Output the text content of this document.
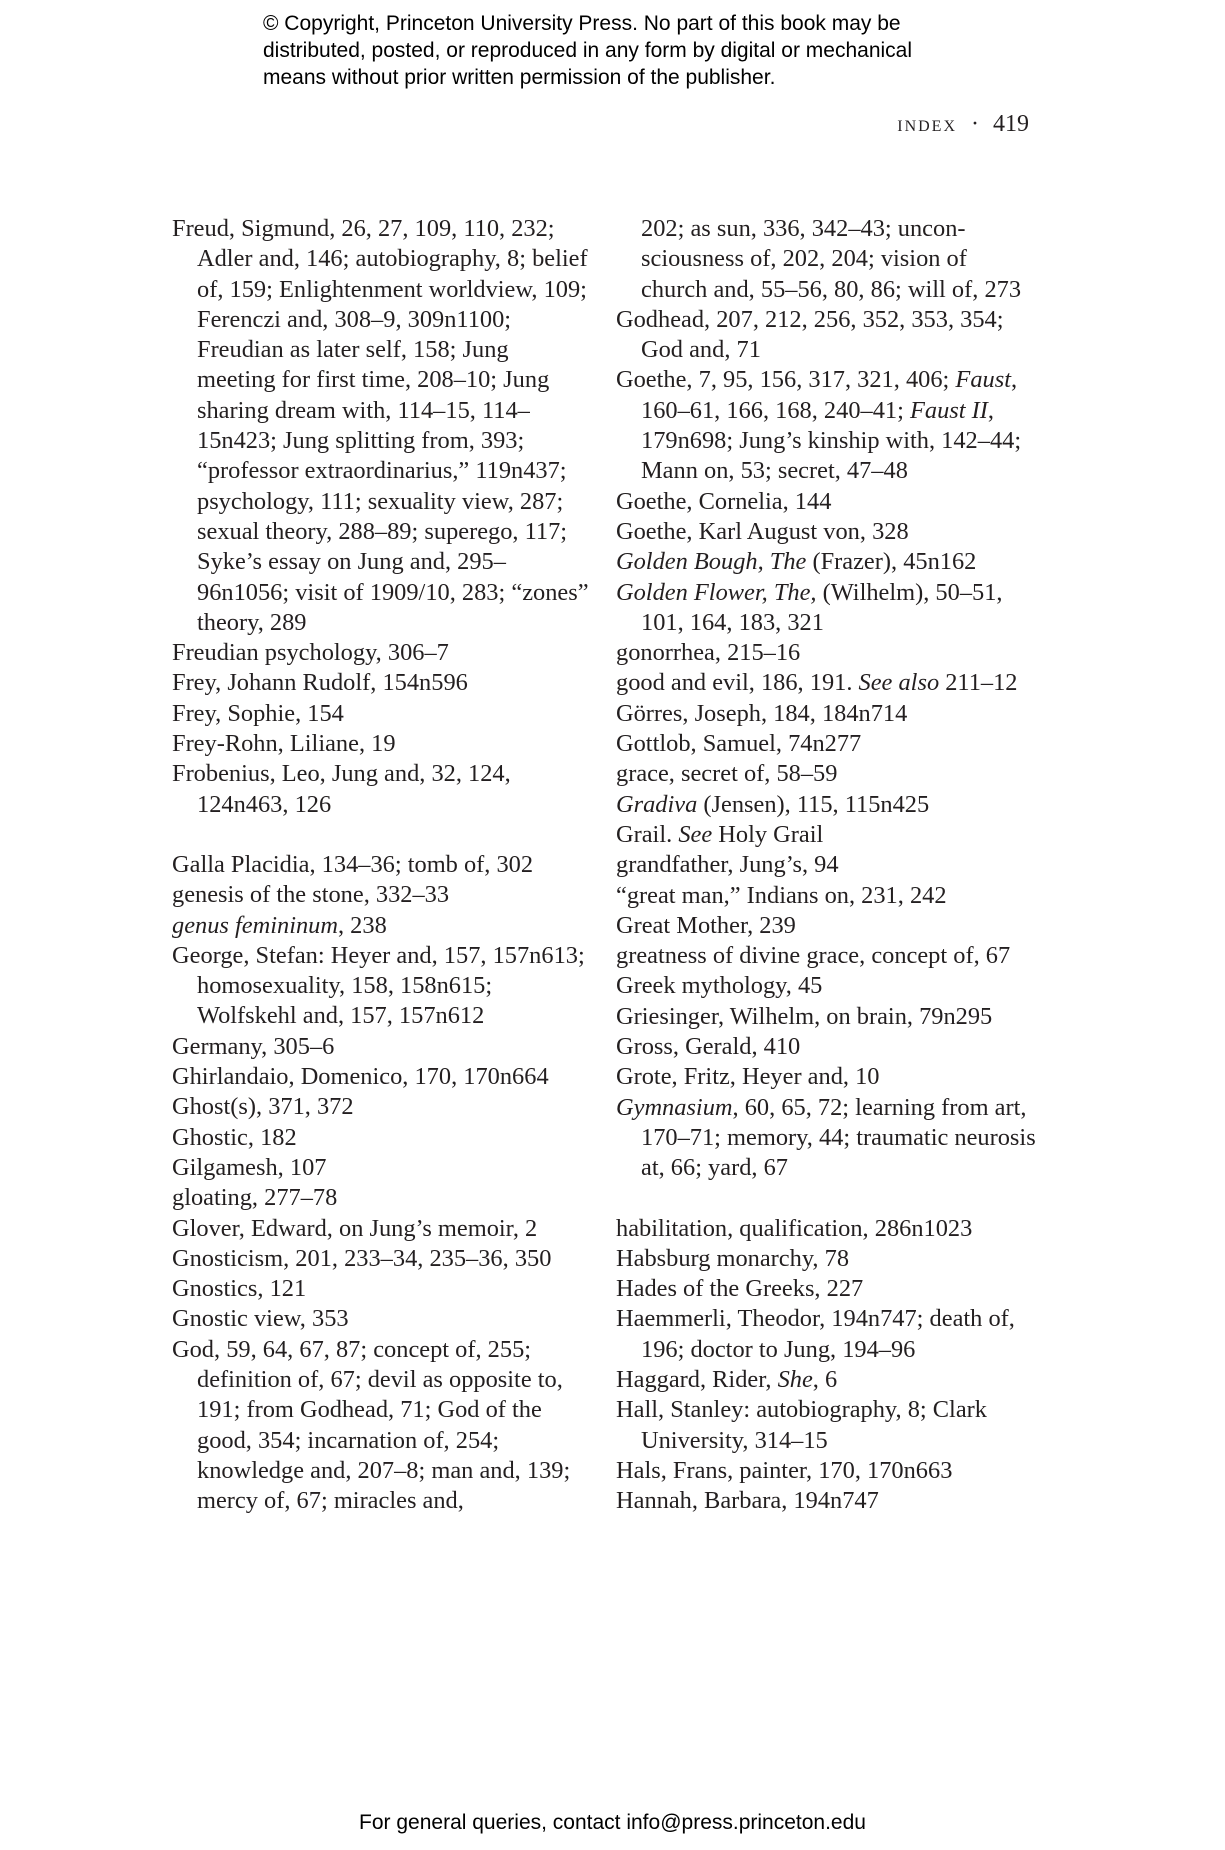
© Copyright, Princeton University Press. No part of this book may be

distributed, posted, or reproduced in any form by digital or mechanical

means without prior written permission of the publisher.

index · 419

Freud, Sigmund, 26, 27, 109, 110, 232; Adler and, 146; autobiography, 8; belief of, 159; Enlightenment worldview, 109; Ferenczi and, 308–9, 309n1100; Freudian as later self, 158; Jung meeting for first time, 208–10; Jung sharing dream with, 114–15, 114–15n423; Jung splitting from, 393; “professor extraordinarius,” 119n437; psychology, 111; sexuality view, 287; sexual theory, 288–89; superego, 117; Syke’s essay on Jung and, 295–96n1056; visit of 1909/10, 283; “zones” theory, 289

Freudian psychology, 306–7

Frey, Johann Rudolf, 154n596

Frey, Sophie, 154

Frey-Rohn, Liliane, 19

Frobenius, Leo, Jung and, 32, 124, 124n463, 126

Galla Placidia, 134–36; tomb of, 302

genesis of the stone, 332–33

genus femininum, 238

George, Stefan: Heyer and, 157, 157n613; homosexuality, 158, 158n615; Wolfskehl and, 157, 157n612

Germany, 305–6

Ghirlandaio, Domenico, 170, 170n664

Ghost(s), 371, 372

Ghostic, 182

Gilgamesh, 107

gloating, 277–78

Glover, Edward, on Jung’s memoir, 2

Gnosticism, 201, 233–34, 235–36, 350

Gnostics, 121

Gnostic view, 353

God, 59, 64, 67, 87; concept of, 255; definition of, 67; devil as opposite to, 191; from Godhead, 71; God of the good, 354; incarnation of, 254; knowledge and, 207–8; man and, 139; mercy of, 67; miracles and,

202; as sun, 336, 342–43; unconsciousness of, 202, 204; vision of church and, 55–56, 80, 86; will of, 273

Godhead, 207, 212, 256, 352, 353, 354; God and, 71

Goethe, 7, 95, 156, 317, 321, 406; Faust, 160–61, 166, 168, 240–41; Faust II, 179n698; Jung’s kinship with, 142–44; Mann on, 53; secret, 47–48

Goethe, Cornelia, 144

Goethe, Karl August von, 328

Golden Bough, The (Frazer), 45n162

Golden Flower, The, (Wilhelm), 50–51, 101, 164, 183, 321

gonorrhea, 215–16

good and evil, 186, 191. See also 211–12

Görres, Joseph, 184, 184n714

Gottlob, Samuel, 74n277

grace, secret of, 58–59

Gradiva (Jensen), 115, 115n425

Grail. See Holy Grail

grandfather, Jung’s, 94

“great man,” Indians on, 231, 242

Great Mother, 239

greatness of divine grace, concept of, 67

Greek mythology, 45

Griesinger, Wilhelm, on brain, 79n295

Gross, Gerald, 410

Grote, Fritz, Heyer and, 10

Gymnasium, 60, 65, 72; learning from art, 170–71; memory, 44; traumatic neurosis at, 66; yard, 67

habilitation, qualification, 286n1023

Habsburg monarchy, 78

Hades of the Greeks, 227

Haemmerli, Theodor, 194n747; death of, 196; doctor to Jung, 194–96

Haggard, Rider, She, 6

Hall, Stanley: autobiography, 8; Clark University, 314–15

Hals, Frans, painter, 170, 170n663

Hannah, Barbara, 194n747

For general queries, contact info@press.princeton.edu
